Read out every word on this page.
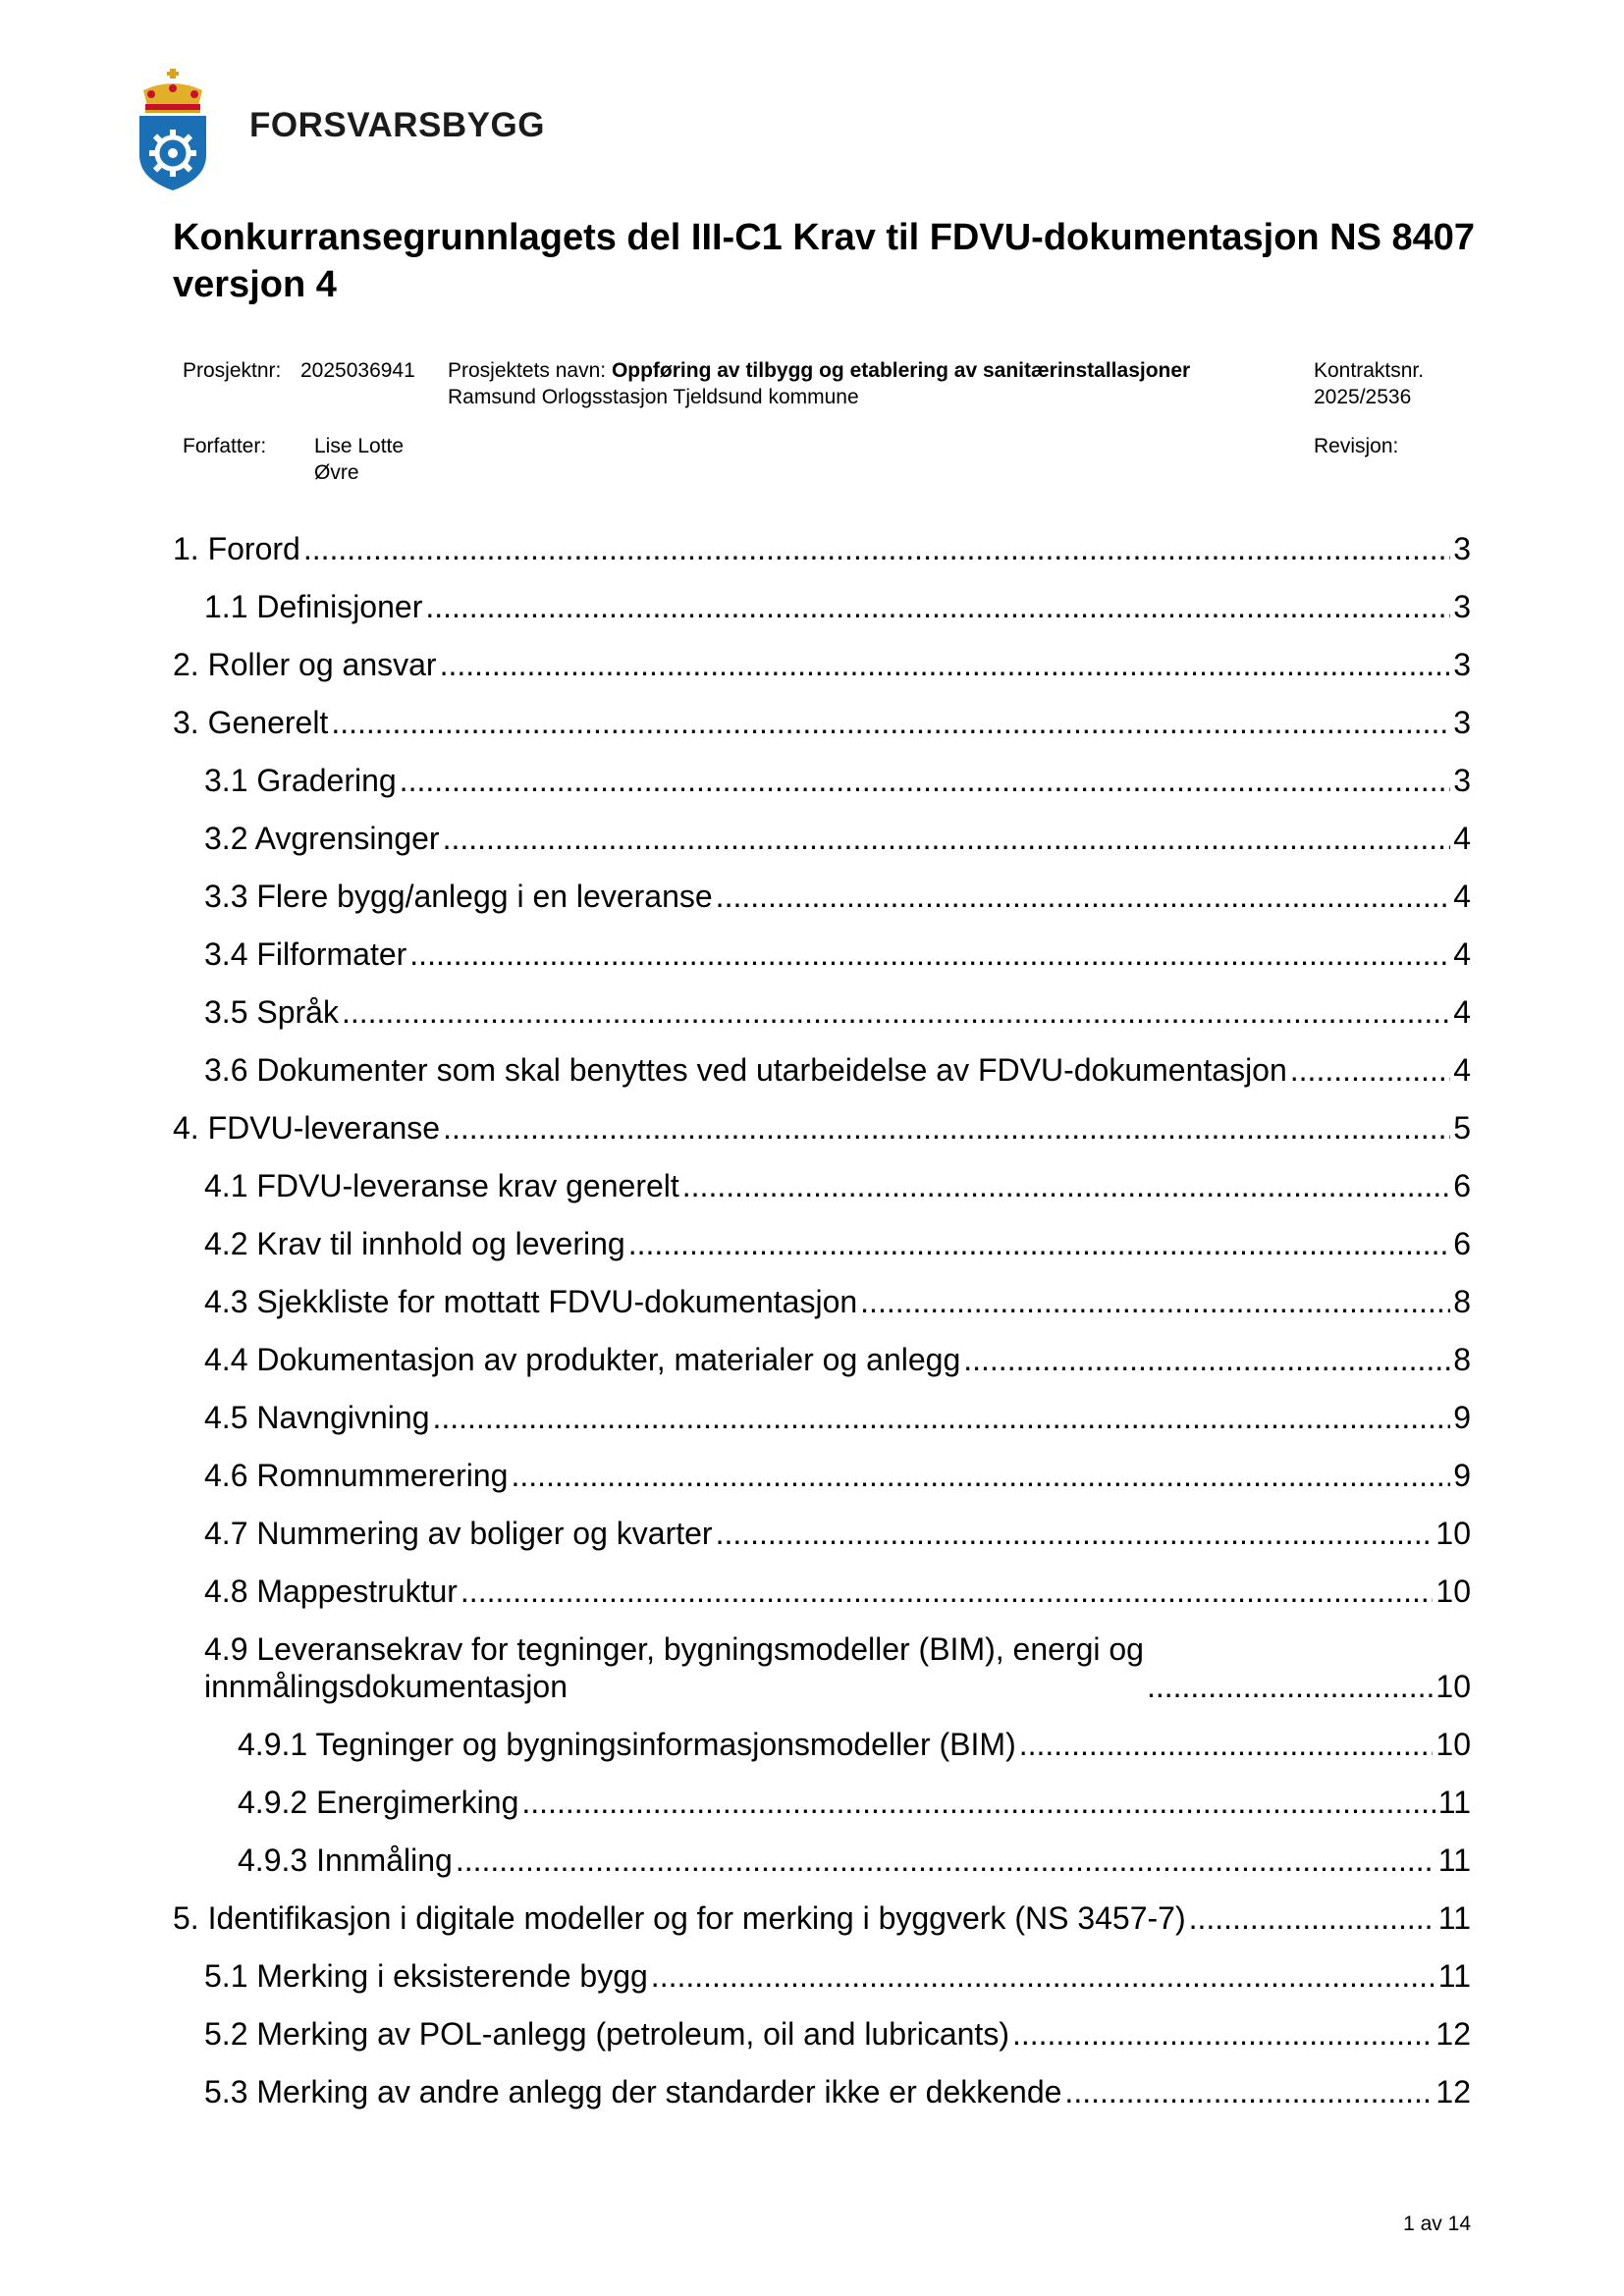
FORSVARSBYGG
Konkurransegrunnlagets del III-C1 Krav til FDVU-dokumentasjon NS 8407 versjon 4
Prosjektnr: 2025036941 Prosjektets navn: Oppføring av tilbygg og etablering av sanitærinstallasjoner
Ramsund Orlogsstasjon Tjeldsund kommune
Kontraktsnr.
2025/2536
Forfatter: Lise Lotte
Øvre
Revisjon:
1. Forord .....	3
1.1 Definisjoner .....	3
2. Roller og ansvar .....	3
3. Generelt .....	3
3.1 Gradering .....	3
3.2 Avgrensinger .....	4
3.3 Flere bygg/anlegg i en leveranse .....	4
3.4 Filformater .....	4
3.5 Språk .....	4
3.6 Dokumenter som skal benyttes ved utarbeidelse av FDVU-dokumentasjon .....	4
4. FDVU-leveranse .....	5
4.1 FDVU-leveranse krav generelt .....	6
4.2 Krav til innhold og levering .....	6
4.3 Sjekkliste for mottatt FDVU-dokumentasjon .....	8
4.4 Dokumentasjon av produkter, materialer og anlegg .....	8
4.5 Navngivning .....	9
4.6 Romnummerering .....	9
4.7 Nummering av boliger og kvarter .....	10
4.8 Mappestruktur .....	10
4.9 Leveransekrav for tegninger, bygningsmodeller (BIM), energi og
innmålingsdokumentasjon .....	10
4.9.1 Tegninger og bygningsinformasjonsmodeller (BIM) .....	10
4.9.2 Energimerking .....	11
4.9.3 Innmåling .....	11
5. Identifikasjon i digitale modeller og for merking i byggverk (NS 3457-7) .....	11
5.1 Merking i eksisterende bygg .....	11
5.2 Merking av POL-anlegg (petroleum, oil and lubricants) .....	12
5.3 Merking av andre anlegg der standarder ikke er dekkende .....	12
1 av 14
